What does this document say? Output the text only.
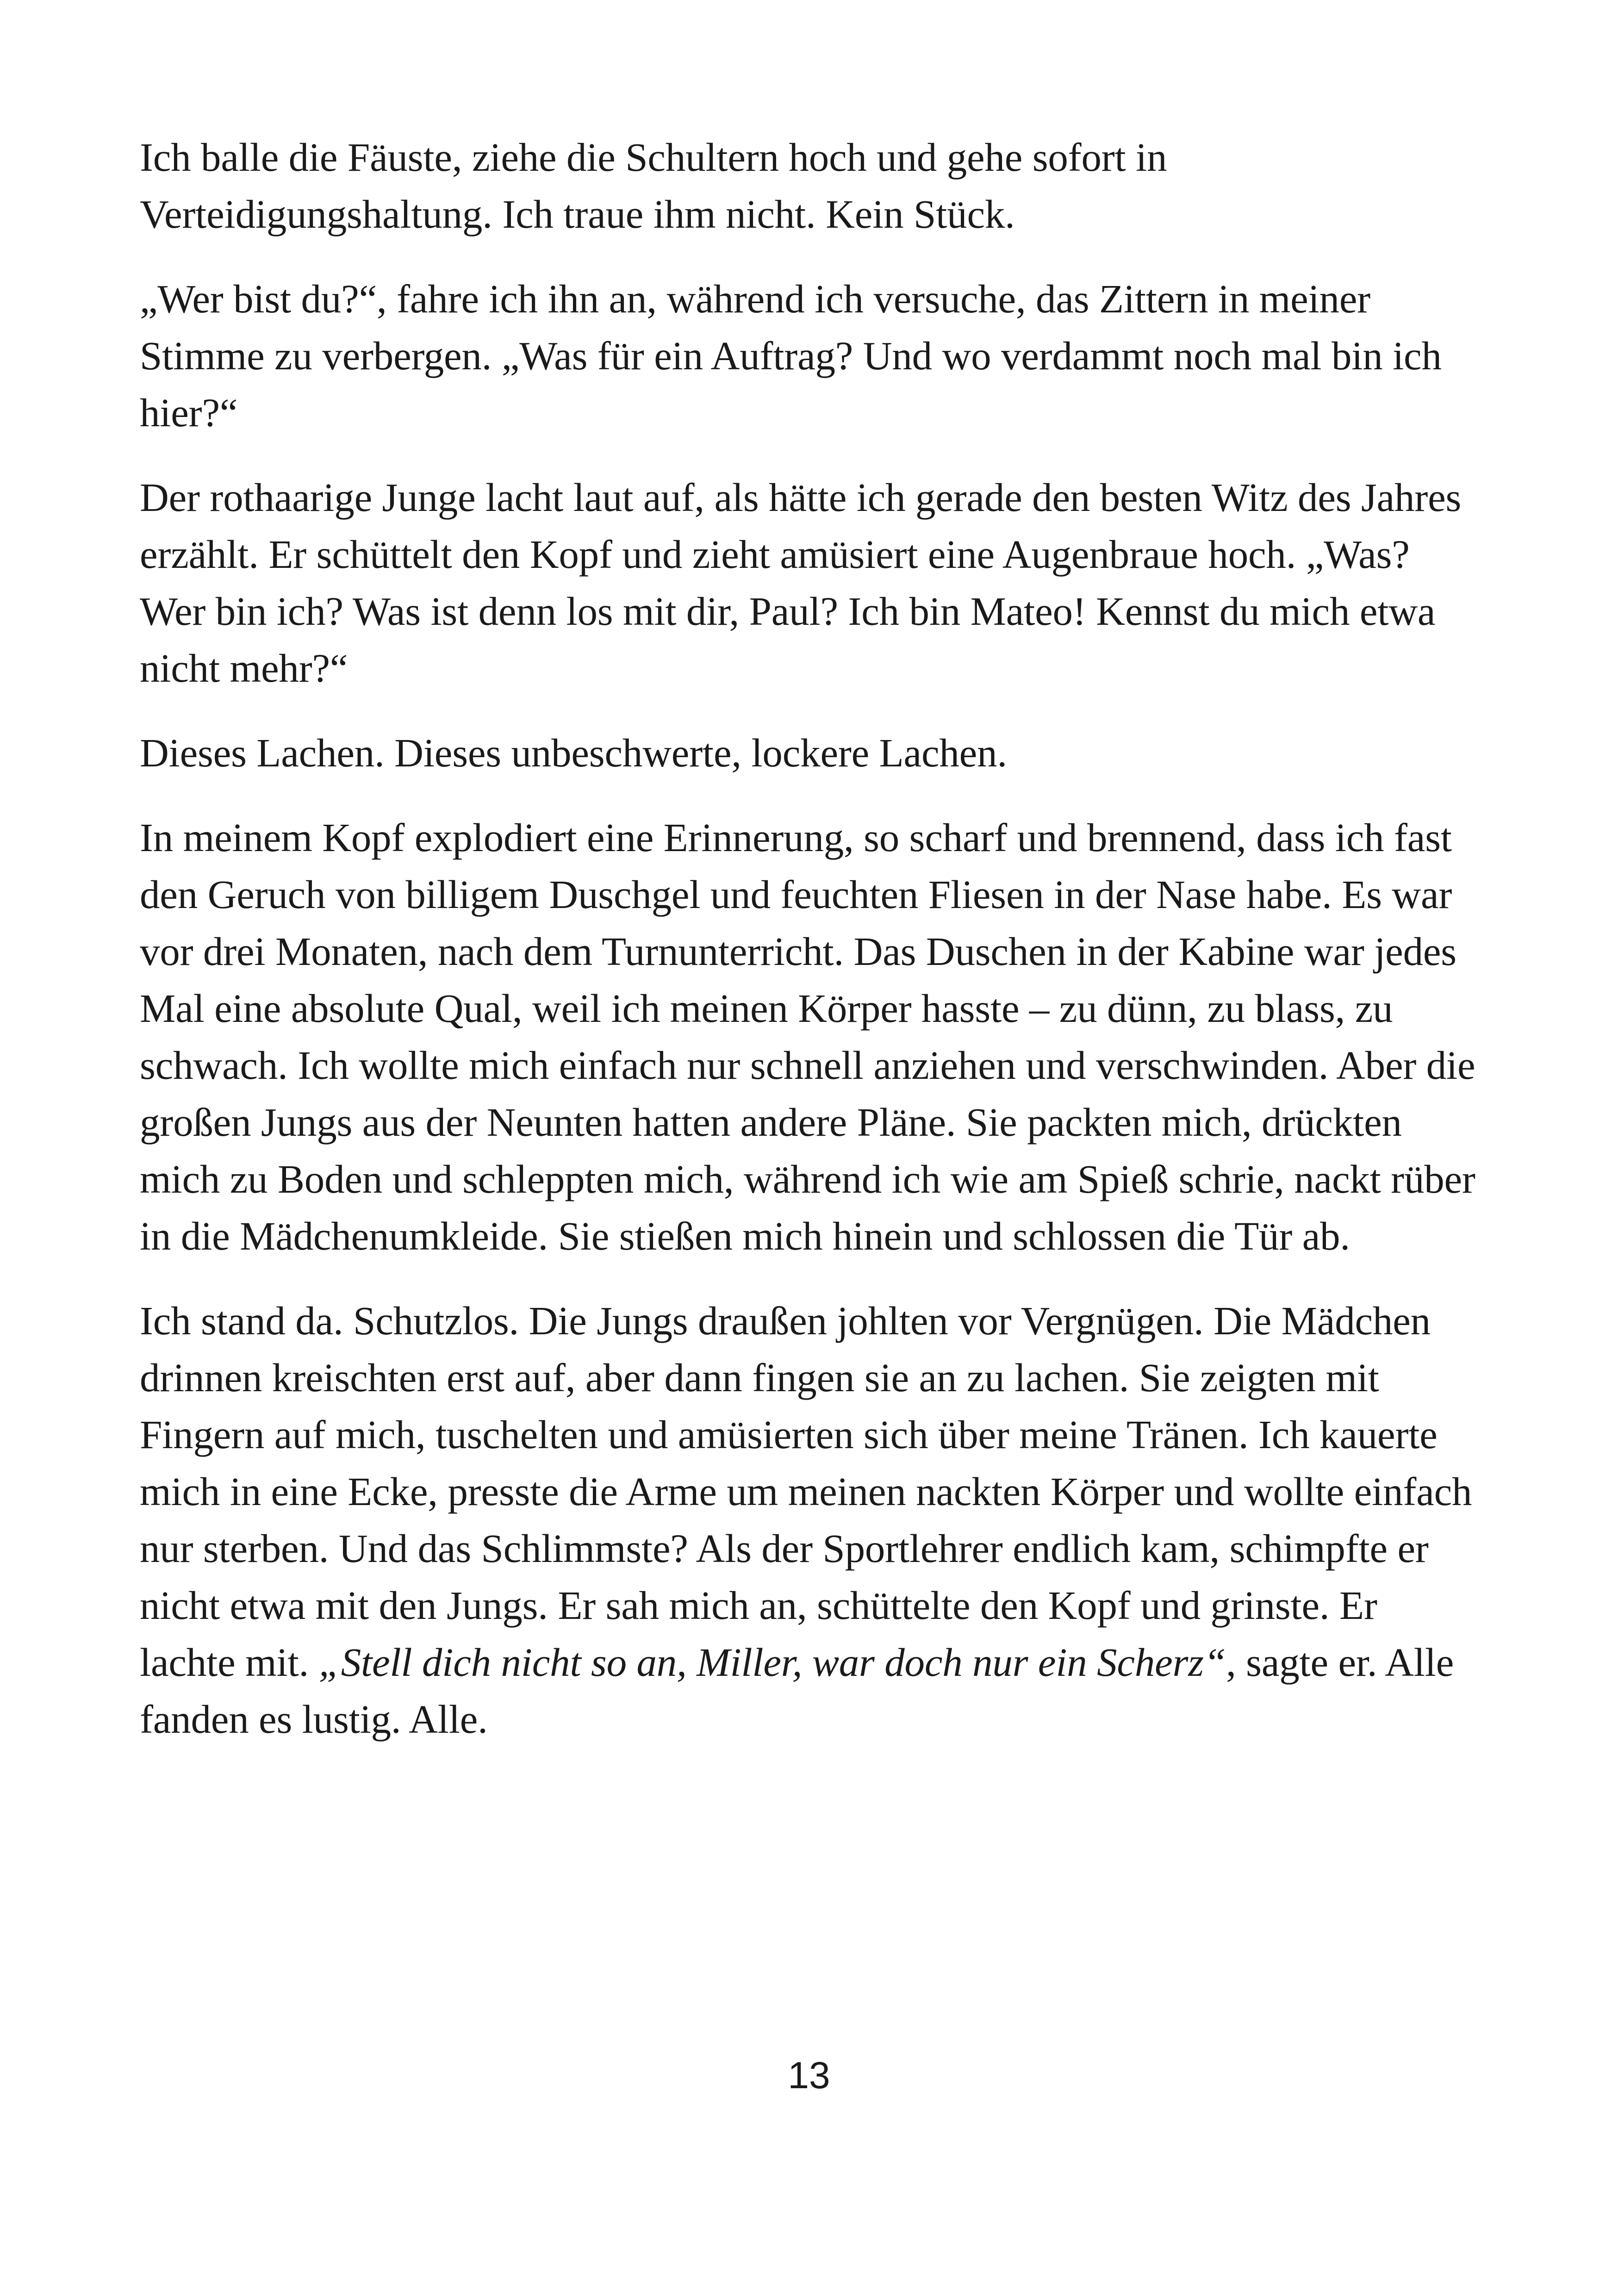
Ich balle die Fäuste, ziehe die Schultern hoch und gehe sofort in Verteidigungshaltung. Ich traue ihm nicht. Kein Stück.

„Wer bist du?“, fahre ich ihn an, während ich versuche, das Zittern in meiner Stimme zu verbergen. „Was für ein Auftrag? Und wo verdammt noch mal bin ich hier?“

Der rothaarige Junge lacht laut auf, als hätte ich gerade den besten Witz des Jahres erzählt. Er schüttelt den Kopf und zieht amüsiert eine Augenbraue hoch. „Was? Wer bin ich? Was ist denn los mit dir, Paul? Ich bin Mateo! Kennst du mich etwa nicht mehr?“

Dieses Lachen. Dieses unbeschwerte, lockere Lachen.

In meinem Kopf explodiert eine Erinnerung, so scharf und brennend, dass ich fast den Geruch von billigem Duschgel und feuchten Fliesen in der Nase habe. Es war vor drei Monaten, nach dem Turnunterricht. Das Duschen in der Kabine war jedes Mal eine absolute Qual, weil ich meinen Körper hasste – zu dünn, zu blass, zu schwach. Ich wollte mich einfach nur schnell anziehen und verschwinden. Aber die großen Jungs aus der Neunten hatten andere Pläne. Sie packten mich, drückten mich zu Boden und schleppten mich, während ich wie am Spieß schrie, nackt rüber in die Mädchenumkleide. Sie stießen mich hinein und schlossen die Tür ab.

Ich stand da. Schutzlos. Die Jungs draußen johlten vor Vergnügen. Die Mädchen drinnen kreischten erst auf, aber dann fingen sie an zu lachen. Sie zeigten mit Fingern auf mich, tuschelten und amüsierten sich über meine Tränen. Ich kauerte mich in eine Ecke, presste die Arme um meinen nackten Körper und wollte einfach nur sterben. Und das Schlimmste? Als der Sportlehrer endlich kam, schimpfte er nicht etwa mit den Jungs. Er sah mich an, schüttelte den Kopf und grinste. Er lachte mit. „Stell dich nicht so an, Miller, war doch nur ein Scherz“, sagte er. Alle fanden es lustig. Alle.

13
